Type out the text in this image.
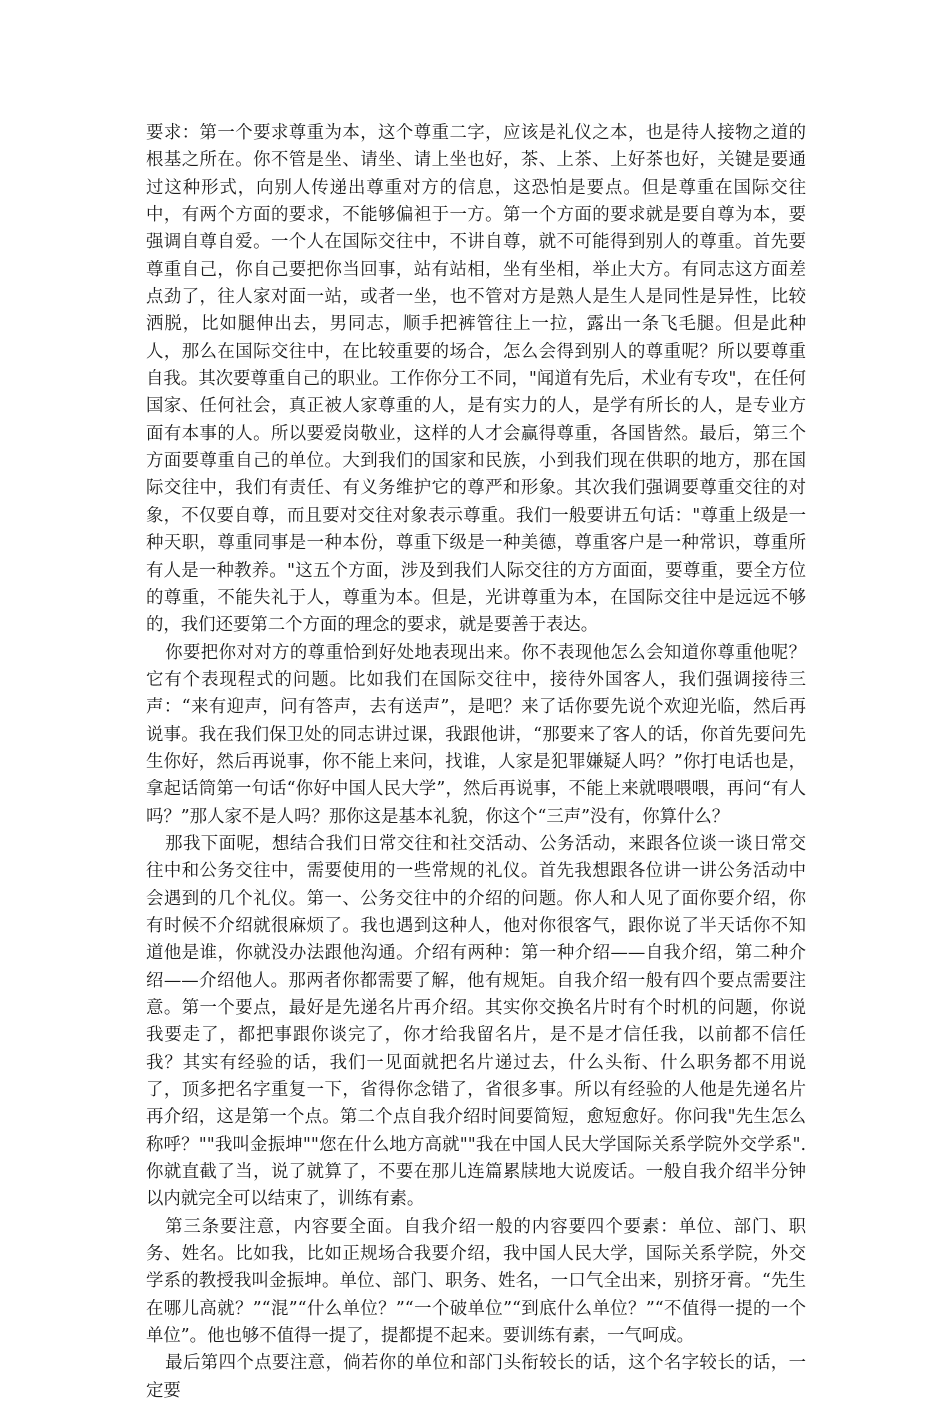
要求：第一个要求尊重为本，这个尊重二字，应该是礼仪之本，也是待人接物之道的根基之所在。你不管是坐、请坐、请上坐也好，茶、上茶、上好茶也好，关键是要通过这种形式，向别人传递出尊重对方的信息，这恐怕是要点。但是尊重在国际交往中，有两个方面的要求，不能够偏袒于一方。第一个方面的要求就是要自尊为本，要强调自尊自爱。一个人在国际交往中，不讲自尊，就不可能得到别人的尊重。首先要尊重自己，你自己要把你当回事，站有站相，坐有坐相，举止大方。有同志这方面差点劲了，往人家对面一站，或者一坐，也不管对方是熟人是生人是同性是异性，比较洒脱，比如腿伸出去，男同志，顺手把裤管往上一拉，露出一条飞毛腿。但是此种人，那么在国际交往中，在比较重要的场合，怎么会得到别人的尊重呢？所以要尊重自我。其次要尊重自己的职业。工作你分工不同，"闻道有先后，术业有专攻"，在任何国家、任何社会，真正被人家尊重的人，是有实力的人，是学有所长的人，是专业方面有本事的人。所以要爱岗敬业，这样的人才会赢得尊重，各国皆然。最后，第三个方面要尊重自己的单位。大到我们的国家和民族，小到我们现在供职的地方，那在国际交往中，我们有责任、有义务维护它的尊严和形象。其次我们强调要尊重交往的对象，不仅要自尊，而且要对交往对象表示尊重。我们一般要讲五句话："尊重上级是一种天职，尊重同事是一种本份，尊重下级是一种美德，尊重客户是一种常识，尊重所有人是一种教养。"这五个方面，涉及到我们人际交往的方方面面，要尊重，要全方位的尊重，不能失礼于人，尊重为本。但是，光讲尊重为本，在国际交往中是远远不够的，我们还要第二个方面的理念的要求，就是要善于表达。

你要把你对对方的尊重恰到好处地表现出来。你不表现他怎么会知道你尊重他呢？它有个表现程式的问题。比如我们在国际交往中，接待外国客人，我们强调接待三声：“来有迎声，问有答声，去有送声”，是吧？来了话你要先说个欢迎光临，然后再说事。我在我们保卫处的同志讲过课，我跟他讲，“那要来了客人的话，你首先要问先生你好，然后再说事，你不能上来问，找谁，人家是犯罪嫌疑人吗？”你打电话也是，拿起话筒第一句话“你好中国人民大学”，然后再说事，不能上来就喂喂喂，再问“有人吗？”那人家不是人吗？那你这是基本礼貌，你这个“三声”没有，你算什么？

那我下面呢，想结合我们日常交往和社交活动、公务活动，来跟各位谈一谈日常交往中和公务交往中，需要使用的一些常规的礼仪。首先我想跟各位讲一讲公务活动中会遇到的几个礼仪。第一、公务交往中的介绍的问题。你人和人见了面你要介绍，你有时候不介绍就很麻烦了。我也遇到这种人，他对你很客气，跟你说了半天话你不知道他是谁，你就没办法跟他沟通。介绍有两种：第一种介绍——自我介绍，第二种介绍——介绍他人。那两者你都需要了解，他有规矩。自我介绍一般有四个要点需要注意。第一个要点，最好是先递名片再介绍。其实你交换名片时有个时机的问题，你说我要走了，都把事跟你谈完了，你才给我留名片，是不是才信任我，以前都不信任我？其实有经验的话，我们一见面就把名片递过去，什么头衔、什么职务都不用说了，顶多把名字重复一下，省得你念错了，省很多事。所以有经验的人他是先递名片再介绍，这是第一个点。第二个点自我介绍时间要简短，愈短愈好。你问我"先生怎么称呼？""我叫金振坤""您在什么地方高就""我在中国人民大学国际关系学院外交学系".你就直截了当，说了就算了，不要在那儿连篇累牍地大说废话。一般自我介绍半分钟以内就完全可以结束了，训练有素。

第三条要注意，内容要全面。自我介绍一般的内容要四个要素：单位、部门、职务、姓名。比如我，比如正规场合我要介绍，我中国人民大学，国际关系学院，外交学系的教授我叫金振坤。单位、部门、职务、姓名，一口气全出来，别挤牙膏。“先生在哪儿高就？”“混”“什么单位？”“一个破单位”“到底什么单位？”“不值得一提的一个单位”。他也够不值得一提了，提都提不起来。要训练有素，一气呵成。

最后第四个点要注意，倘若你的单位和部门头衔较长的话，这个名字较长的话，一定要
